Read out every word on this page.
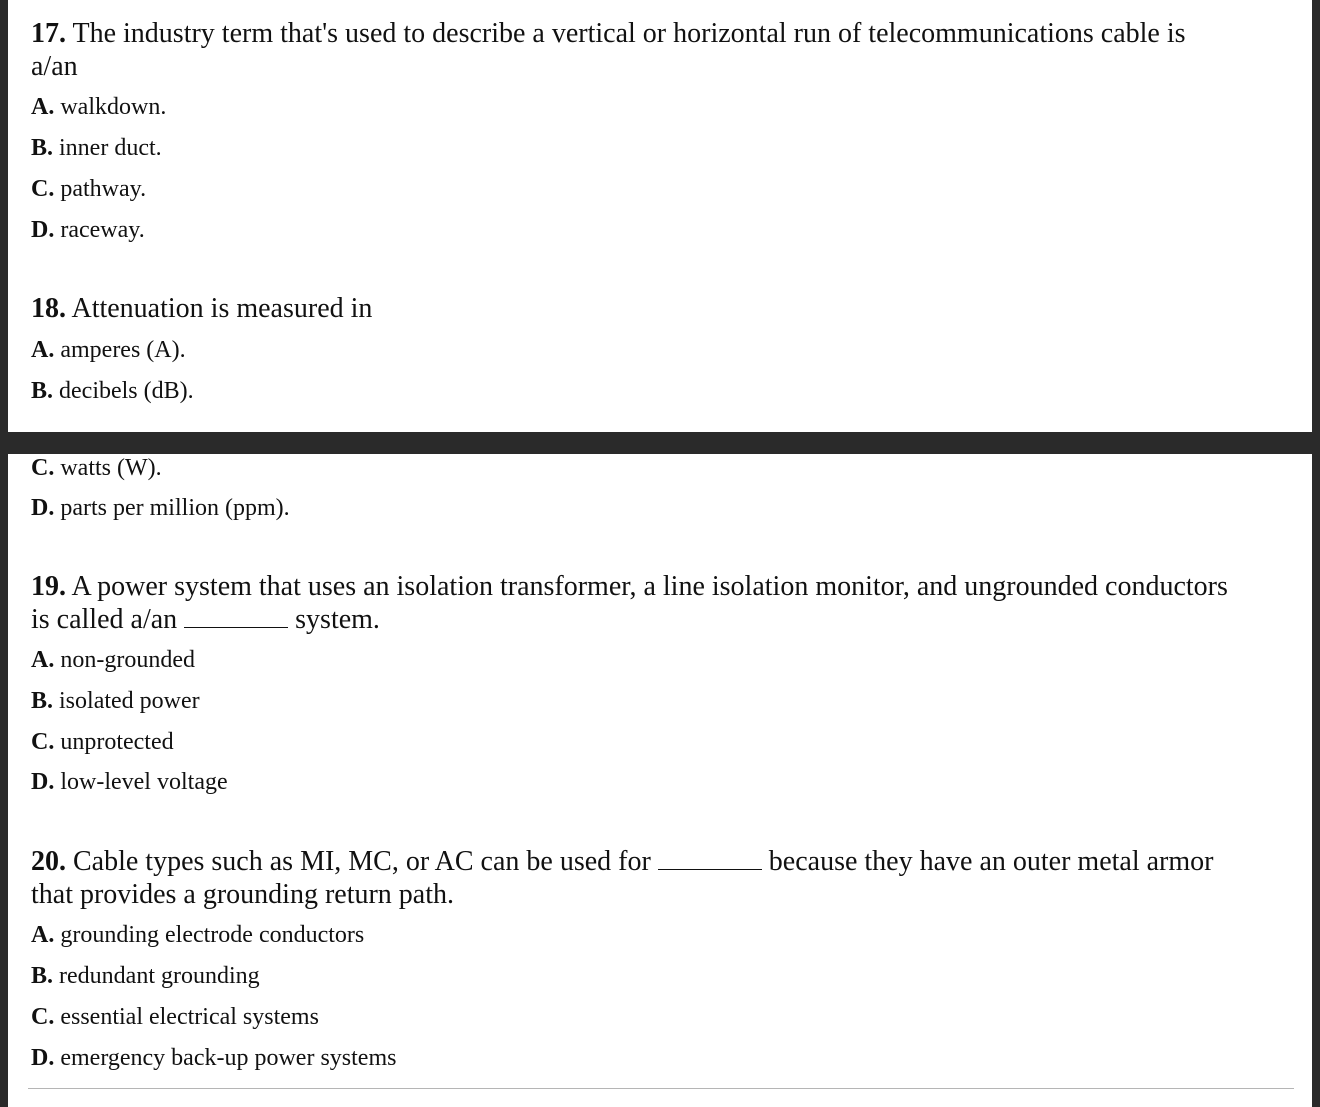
17. The industry term that's used to describe a vertical or horizontal run of telecommunications cable is

a/an

A. walkdown.

B. inner duct.

C. pathway.

D. raceway.

18. Attenuation is measured in

A. amperes (A).

B. decibels (dB).

C. watts (W).

D. parts per million (ppm).

19. A power system that uses an isolation transformer, a line isolation monitor, and ungrounded conductors

is called a/an	system.

A. non-grounded

B. isolated power

C. unprotected

D. low-level voltage

20. Cable types such as MI, MC, or AC can be used for	because they have an outer metal armor

that provides a grounding return path.

A. grounding electrode conductors

B. redundant grounding

C. essential electrical systems

D. emergency back-up power systems
